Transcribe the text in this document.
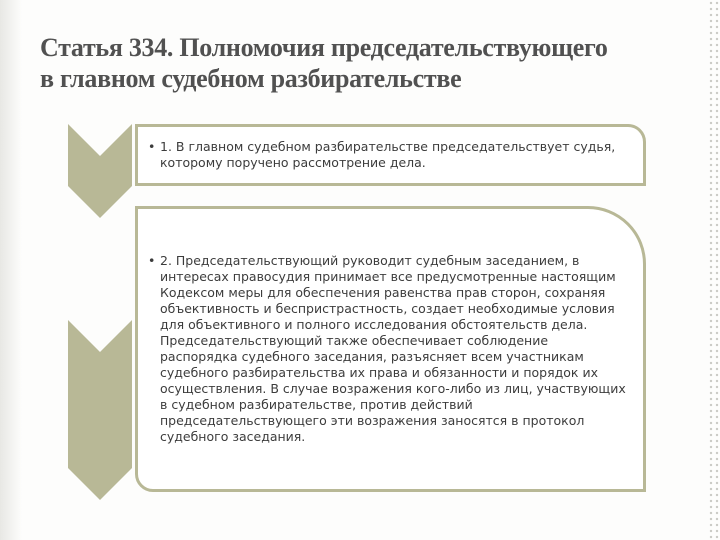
Статья 334. Полномочия председательствующего
в главном судебном разбирательстве
• 1. В главном судебном разбирательстве председательствует судья, которому поручено рассмотрение дела.
• 2. Председательствующий руководит судебным заседанием, в интересах правосудия принимает все предусмотренные настоящим Кодексом меры для обеспечения равенства прав сторон, сохраняя объективность и беспристрастность, создает необходимые условия для объективного и полного исследования обстоятельств дела. Председательствующий также обеспечивает соблюдение распорядка судебного заседания, разъясняет всем участникам судебного разбирательства их права и обязанности и порядок их осуществления. В случае возражения кого-либо из лиц, участвующих в судебном разбирательстве, против действий председательствующего эти возражения заносятся в протокол судебного заседания.
